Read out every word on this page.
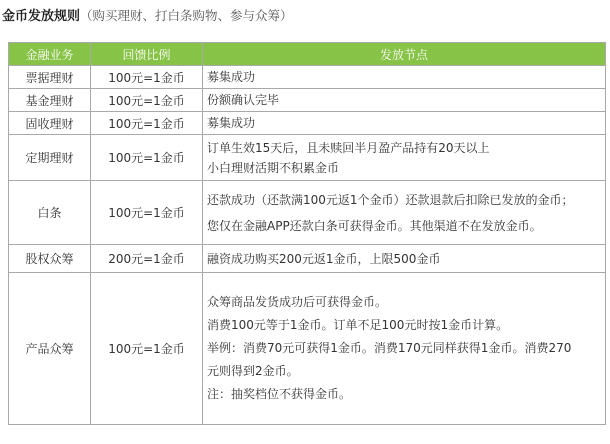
金币发放规则（购买理财、打白条购物、参与众筹）
金融业务	回馈比例	发放节点
票据理财	100元=1金币	募集成功

基金理财	100元=1金币	份额确认完毕

固收理财	100元=1金币	募集成功

定期理财	100元=1金币	订单生效15天后，且未赎回半月盈产品持有20天以上
小白理财活期不积累金币

白条	100元=1金币	还款成功（还款满100元返1个金币）还款退款后扣除已发放的金币；
您仅在金融APP还款白条可获得金币。其他渠道不在发放金币。

股权众筹	200元=1金币	融资成功购买200元返1金币，上限500金币

产品众筹	100元=1金币	众筹商品发货成功后可获得金币。
消费100元等于1金币。订单不足100元时按1金币计算。
举例：消费70元可获得1金币。消费170元同样获得1金币。消费270
元则得到2金币。
注：抽奖档位不获得金币。
